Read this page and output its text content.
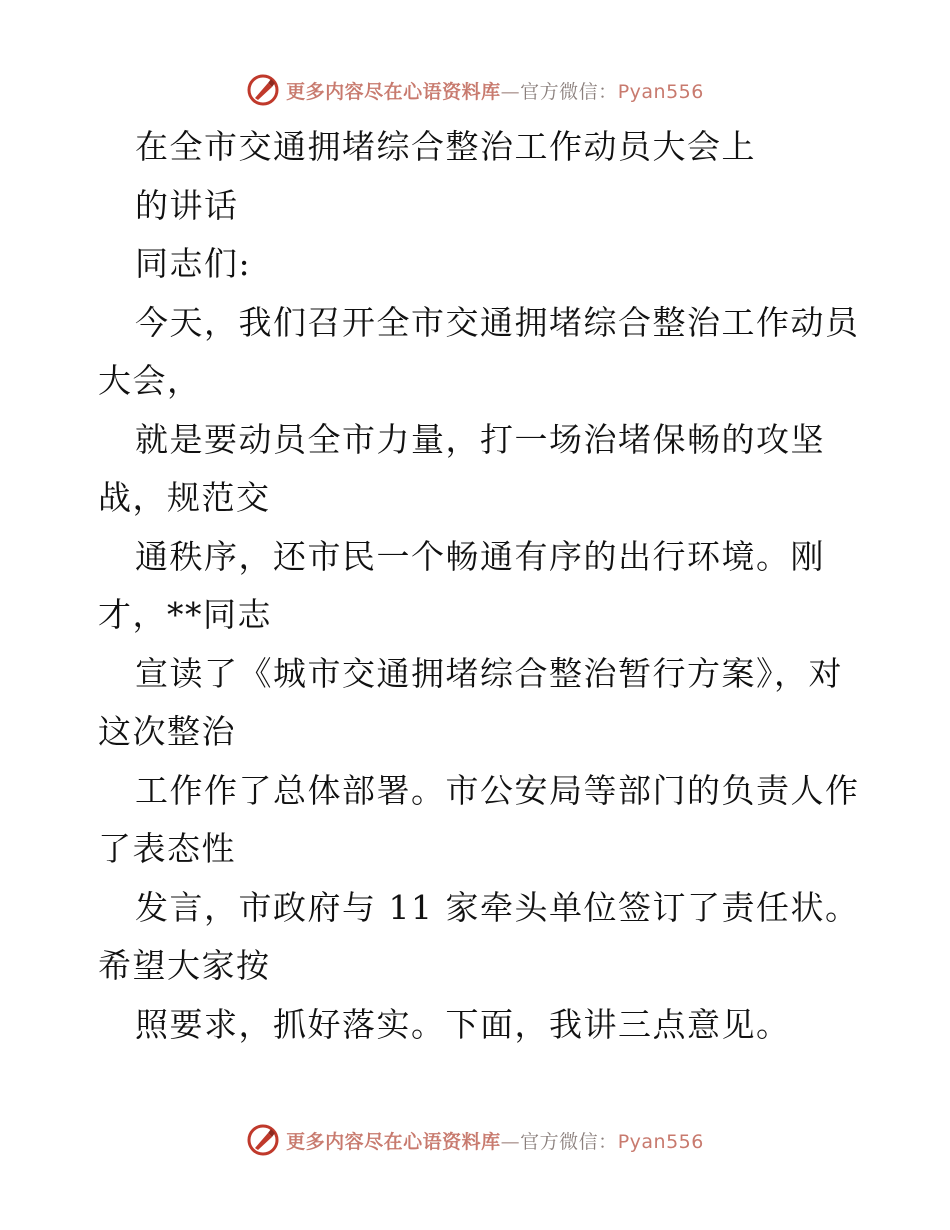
更多内容尽在心语资料库—官方微信：Pyan556
在全市交通拥堵综合整治工作动员大会上
的讲话
同志们:
今天，我们召开全市交通拥堵综合整治工作动员
大会，
就是要动员全市力量，打一场治堵保畅的攻坚
战，规范交
通秩序，还市民一个畅通有序的出行环境。刚
才，**同志
宣读了《城市交通拥堵综合整治暂行方案》，对
这次整治
工作作了总体部署。市公安局等部门的负责人作
了表态性
发言，市政府与 11 家牵头单位签订了责任状。
希望大家按
照要求，抓好落实。下面，我讲三点意见。
更多内容尽在心语资料库—官方微信：Pyan556
